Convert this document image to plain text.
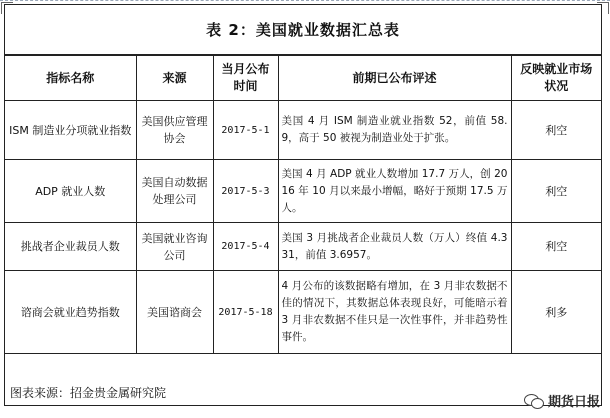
表 2：美国就业数据汇总表
指标名称	来源	当月公布时间	前期已公布评述	反映就业市场状况
ISM 制造业分项就业指数	美国供应管理协会	2017-5-1	美国 4 月 ISM 制造业就业指数 52，前值 58.9，高于 50 被视为制造业处于扩张。	利空
ADP 就业人数	美国自动数据处理公司	2017-5-3	美国 4 月 ADP 就业人数增加 17.7 万人，创 2016 年 10 月以来最小增幅，略好于预期 17.5 万人。	利空
挑战者企业裁员人数	美国就业咨询公司	2017-5-4	美国 3 月挑战者企业裁员人数（万人）终值 4.331，前值 3.6957。	利空
谘商会就业趋势指数	美国谘商会	2017-5-18	4 月公布的该数据略有增加，在 3 月非农数据不佳的情况下，其数据总体表现良好，可能暗示着 3 月非农数据不佳只是一次性事件，并非趋势性事件。	利多
图表来源：招金贵金属研究院
期货日报
